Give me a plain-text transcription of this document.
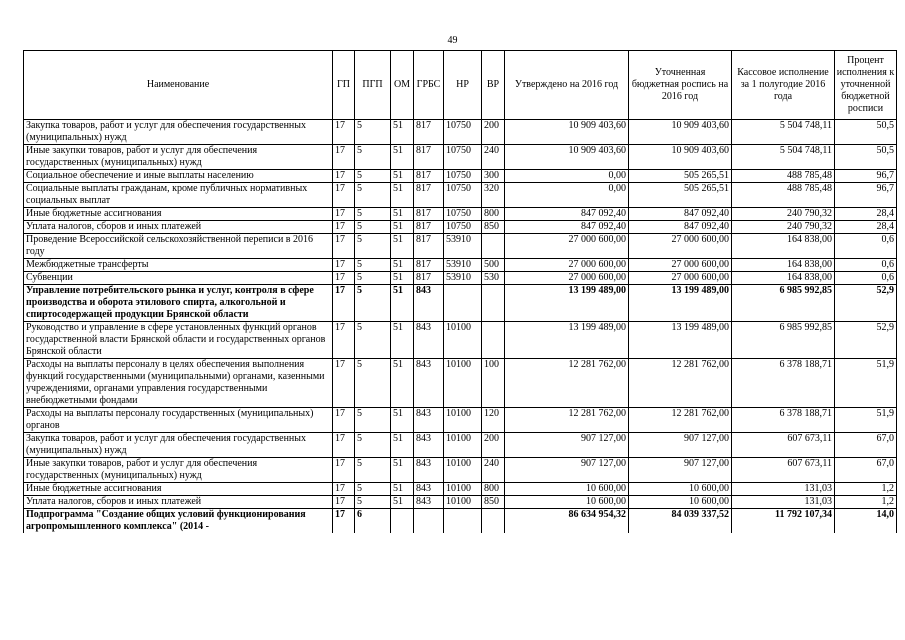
49
Наименование	ГП	ПГП	ОМ	ГРБС	НР	ВР	Утверждено на 2016 год	Уточненная бюджетная роспись на 2016 год	Кассовое исполнение за 1 полугодие 2016 года	Процент исполнения к уточненной бюджетной росписи
Закупка товаров, работ и услуг для обеспечения государственных (муниципальных) нужд	17	5	51	817	10750	200	10 909 403,60	10 909 403,60	5 504 748,11	50,5
Иные закупки товаров, работ и услуг для обеспечения государственных (муниципальных) нужд	17	5	51	817	10750	240	10 909 403,60	10 909 403,60	5 504 748,11	50,5
Социальное обеспечение и иные выплаты населению	17	5	51	817	10750	300	0,00	505 265,51	488 785,48	96,7
Социальные выплаты гражданам, кроме публичных нормативных социальных выплат	17	5	51	817	10750	320	0,00	505 265,51	488 785,48	96,7
Иные бюджетные ассигнования	17	5	51	817	10750	800	847 092,40	847 092,40	240 790,32	28,4
Уплата налогов, сборов и иных платежей	17	5	51	817	10750	850	847 092,40	847 092,40	240 790,32	28,4
Проведение Всероссийской сельскохозяйственной переписи в 2016 году	17	5	51	817	53910		27 000 600,00	27 000 600,00	164 838,00	0,6
Межбюджетные трансферты	17	5	51	817	53910	500	27 000 600,00	27 000 600,00	164 838,00	0,6
Субвенции	17	5	51	817	53910	530	27 000 600,00	27 000 600,00	164 838,00	0,6
Управление потребительского рынка и услуг, контроля в сфере производства и оборота этилового спирта, алкогольной и спиртосодержащей продукции Брянской области	17	5	51	843			13 199 489,00	13 199 489,00	6 985 992,85	52,9
Руководство и управление в сфере установленных функций органов государственной власти Брянской области и государственных органов Брянской области	17	5	51	843	10100		13 199 489,00	13 199 489,00	6 985 992,85	52,9
Расходы на выплаты персоналу в целях обеспечения выполнения функций государственными (муниципальными) органами, казенными учреждениями, органами управления государственными внебюджетными фондами	17	5	51	843	10100	100	12 281 762,00	12 281 762,00	6 378 188,71	51,9
Расходы на выплаты персоналу государственных (муниципальных) органов	17	5	51	843	10100	120	12 281 762,00	12 281 762,00	6 378 188,71	51,9
Закупка товаров, работ и услуг для обеспечения государственных (муниципальных) нужд	17	5	51	843	10100	200	907 127,00	907 127,00	607 673,11	67,0
Иные закупки товаров, работ и услуг для обеспечения государственных (муниципальных) нужд	17	5	51	843	10100	240	907 127,00	907 127,00	607 673,11	67,0
Иные бюджетные ассигнования	17	5	51	843	10100	800	10 600,00	10 600,00	131,03	1,2
Уплата налогов, сборов и иных платежей	17	5	51	843	10100	850	10 600,00	10 600,00	131,03	1,2
Подпрограмма "Создание общих условий функционирования агропромышленного комплекса" (2014 -	17	6					86 634 954,32	84 039 337,52	11 792 107,34	14,0
